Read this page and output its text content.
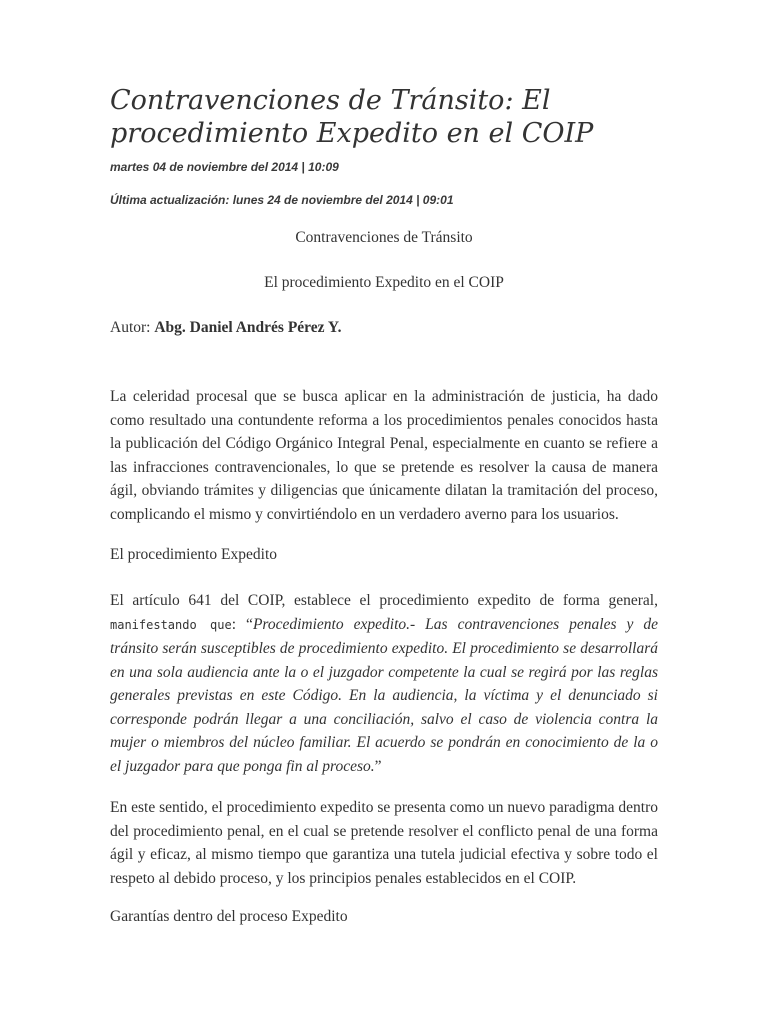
Contravenciones de Tránsito: El procedimiento Expedito en el COIP

martes 04 de noviembre del 2014 | 10:09

Última actualización: lunes 24 de noviembre del 2014 | 09:01

Contravenciones de Tránsito

El procedimiento Expedito en el COIP

Autor: Abg. Daniel Andrés Pérez Y.

La celeridad procesal que se busca aplicar en la administración de justicia, ha dado como resultado una contundente reforma a los procedimientos penales conocidos hasta la publicación del Código Orgánico Integral Penal, especialmente en cuanto se refiere a las infracciones contravencionales, lo que se pretende es resolver la causa de manera ágil, obviando trámites y diligencias que únicamente dilatan la tramitación del proceso, complicando el mismo y convirtiéndolo en un verdadero averno para los usuarios.

El procedimiento Expedito

El artículo 641 del COIP, establece el procedimiento expedito de forma general, manifestando que: “Procedimiento expedito.- Las contravenciones penales y de tránsito serán susceptibles de procedimiento expedito. El procedimiento se desarrollará en una sola audiencia ante la o el juzgador competente la cual se regirá por las reglas generales previstas en este Código. En la audiencia, la víctima y el denunciado si corresponde podrán llegar a una conciliación, salvo el caso de violencia contra la mujer o miembros del núcleo familiar. El acuerdo se pondrán en conocimiento de la o el juzgador para que ponga fin al proceso.”

En este sentido, el procedimiento expedito se presenta como un nuevo paradigma dentro del procedimiento penal, en el cual se pretende resolver el conflicto penal de una forma ágil y eficaz, al mismo tiempo que garantiza una tutela judicial efectiva y sobre todo el respeto al debido proceso, y los principios penales establecidos en el COIP.

Garantías dentro del proceso Expedito
